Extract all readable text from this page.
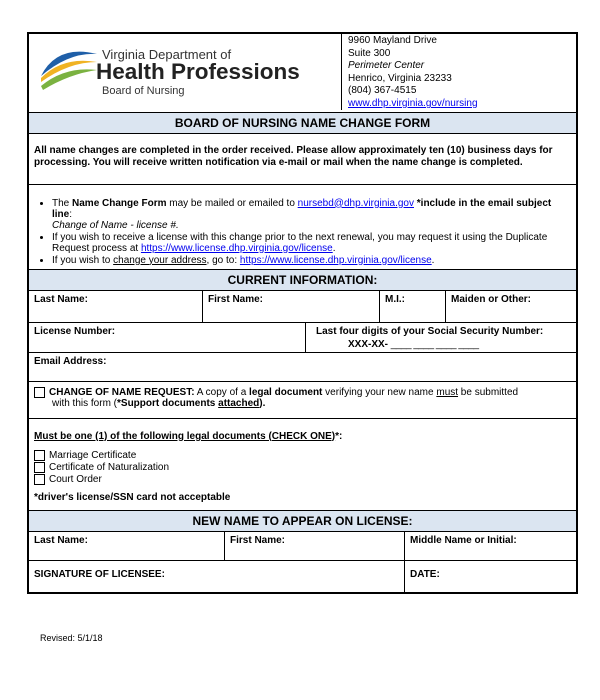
Virginia Department of
Health Professions
Board of Nursing
9960 Mayland Drive
Suite 300
Perimeter Center
Henrico, Virginia 23233
(804) 367-4515
www.dhp.virginia.gov/nursing
BOARD OF NURSING NAME CHANGE FORM
All name changes are completed in the order received. Please allow approximately ten (10) business days for processing. You will receive written notification via e-mail or mail when the name change is completed.
• The Name Change Form may be mailed or emailed to nursebd@dhp.virginia.gov *include in the email subject line:
Change of Name - license #.
• If you wish to receive a license with this change prior to the next renewal, you may request it using the Duplicate Request process at https://www.license.dhp.virginia.gov/license.
• If you wish to change your address, go to: https://www.license.dhp.virginia.gov/license.
CURRENT INFORMATION:
Last Name:	First Name:	M.I.:	Maiden or Other:
License Number:	Last four digits of your Social Security Number:
XXX-XX- ____ ____ ____ ____
Email Address:
CHANGE OF NAME REQUEST: A copy of a legal document verifying your new name must be submitted
with this form (*Support documents attached).
Must be one (1) of the following legal documents (CHECK ONE)*:
Marriage Certificate
Certificate of Naturalization
Court Order
*driver's license/SSN card not acceptable
NEW NAME TO APPEAR ON LICENSE:
Last Name:	First Name:	Middle Name or Initial:
SIGNATURE OF LICENSEE:	DATE:
Revised: 5/1/18
